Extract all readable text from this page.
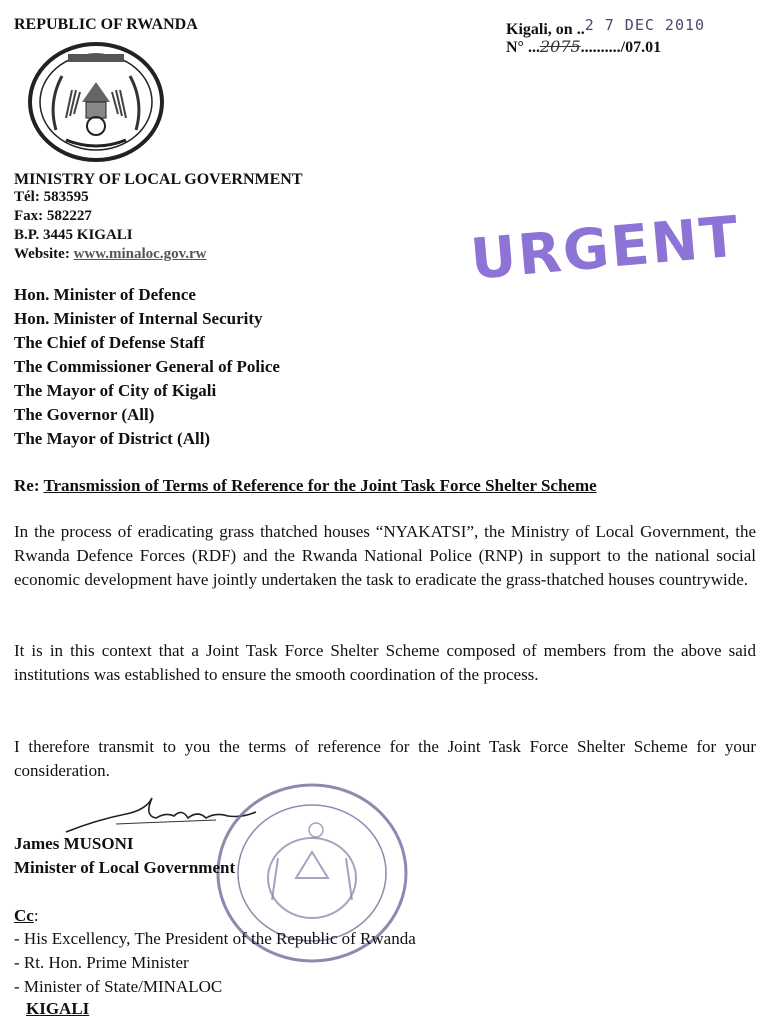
REPUBLIC OF RWANDA	Kigali, on ..2 7 DEC 2010
N° ...2075........../07.01
MINISTRY OF LOCAL GOVERNMENT
Tél: 583595
Fax: 582227
B.P. 3445 KIGALI
Website: www.minaloc.gov.rw	URGENT
Hon. Minister of Defence
Hon. Minister of Internal Security
The Chief of Defense Staff
The Commissioner General of Police
The Mayor of City of Kigali
The Governor (All)
The Mayor of District (All)
Re: Transmission of Terms of Reference for the Joint Task Force Shelter Scheme
In the process of eradicating grass thatched houses “NYAKATSI”, the Ministry of Local Government, the Rwanda Defence Forces (RDF) and the Rwanda National Police (RNP) in support to the national social economic development have jointly undertaken the task to eradicate the grass-thatched houses countrywide.
It is in this context that a Joint Task Force Shelter Scheme composed of members from the above said institutions was established to ensure the smooth coordination of the process.
I therefore transmit to you the terms of reference for the Joint Task Force Shelter Scheme for your consideration.
James MUSONI
Minister of Local Government
Cc:
- His Excellency, The President of the Republic of Rwanda
- Rt. Hon. Prime Minister
- Minister of State/MINALOC
KIGALI
